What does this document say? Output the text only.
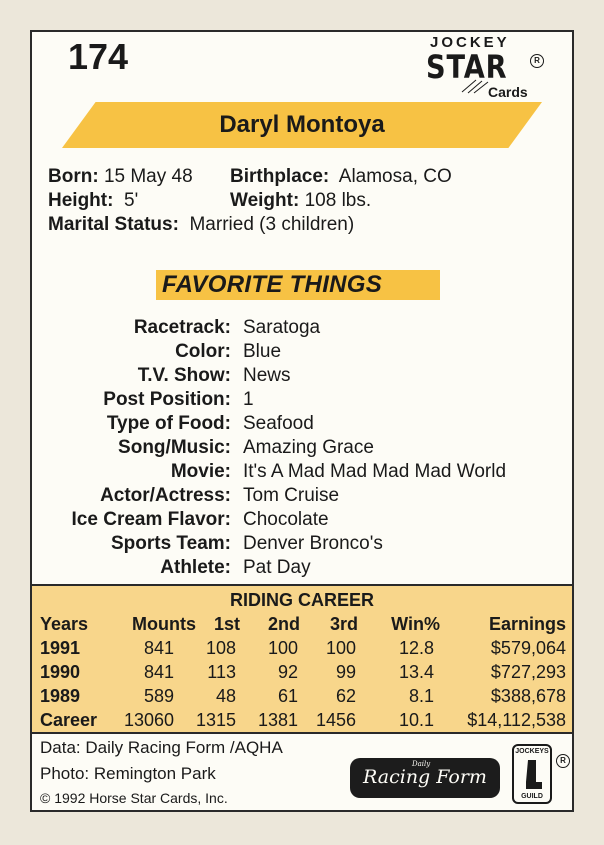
174	JOCKEY
STAR	R
Cards
Daryl Montoya
Born: 15 May 48 Birthplace: Alamosa, CO
Height: 5'	Weight: 108 lbs.
Marital Status: Married (3 children)
FAVORITE THINGS
Racetrack: Saratoga
Color: Blue
T.V. Show: News
Post Position: 1
Type of Food: Seafood
Song/Music: Amazing Grace
Movie: It's A Mad Mad Mad Mad World
Actor/Actress: Tom Cruise
Ice Cream Flavor: Chocolate
Sports Team: Denver Bronco's
Athlete: Pat Day
RIDING CAREER
Years Mounts 1st 2nd 3rd Win%	Earnings
1991	841 108 100 100 12.8	$579,064
1990	841 113 92 99 13.4	$727,293
1989	589 48 61 62	8.1	$388,678
Career 13060 1315 1381 1456 10.1 $14,112,538
Data: Daily Racing Form /AQHA
Photo: Remington Park
© 1992 Horse Star Cards, Inc.
Daily
Racing Form
JOCKEYS
GUILD
R
